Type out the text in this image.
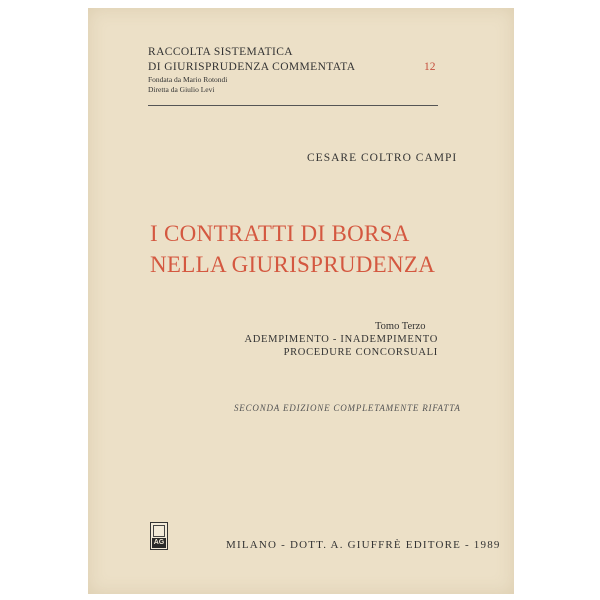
RACCOLTA SISTEMATICA
DI GIURISPRUDENZA COMMENTATA
Fondata da Mario Rotondi
Diretta da Giulio Levi
12
CESARE COLTRO CAMPI
I CONTRATTI DI BORSA
NELLA GIURISPRUDENZA
Tomo Terzo
ADEMPIMENTO - INADEMPIMENTO
PROCEDURE CONCORSUALI
SECONDA EDIZIONE COMPLETAMENTE RIFATTA
AG	MILANO - DOTT. A. GIUFFRÈ EDITORE - 1989
